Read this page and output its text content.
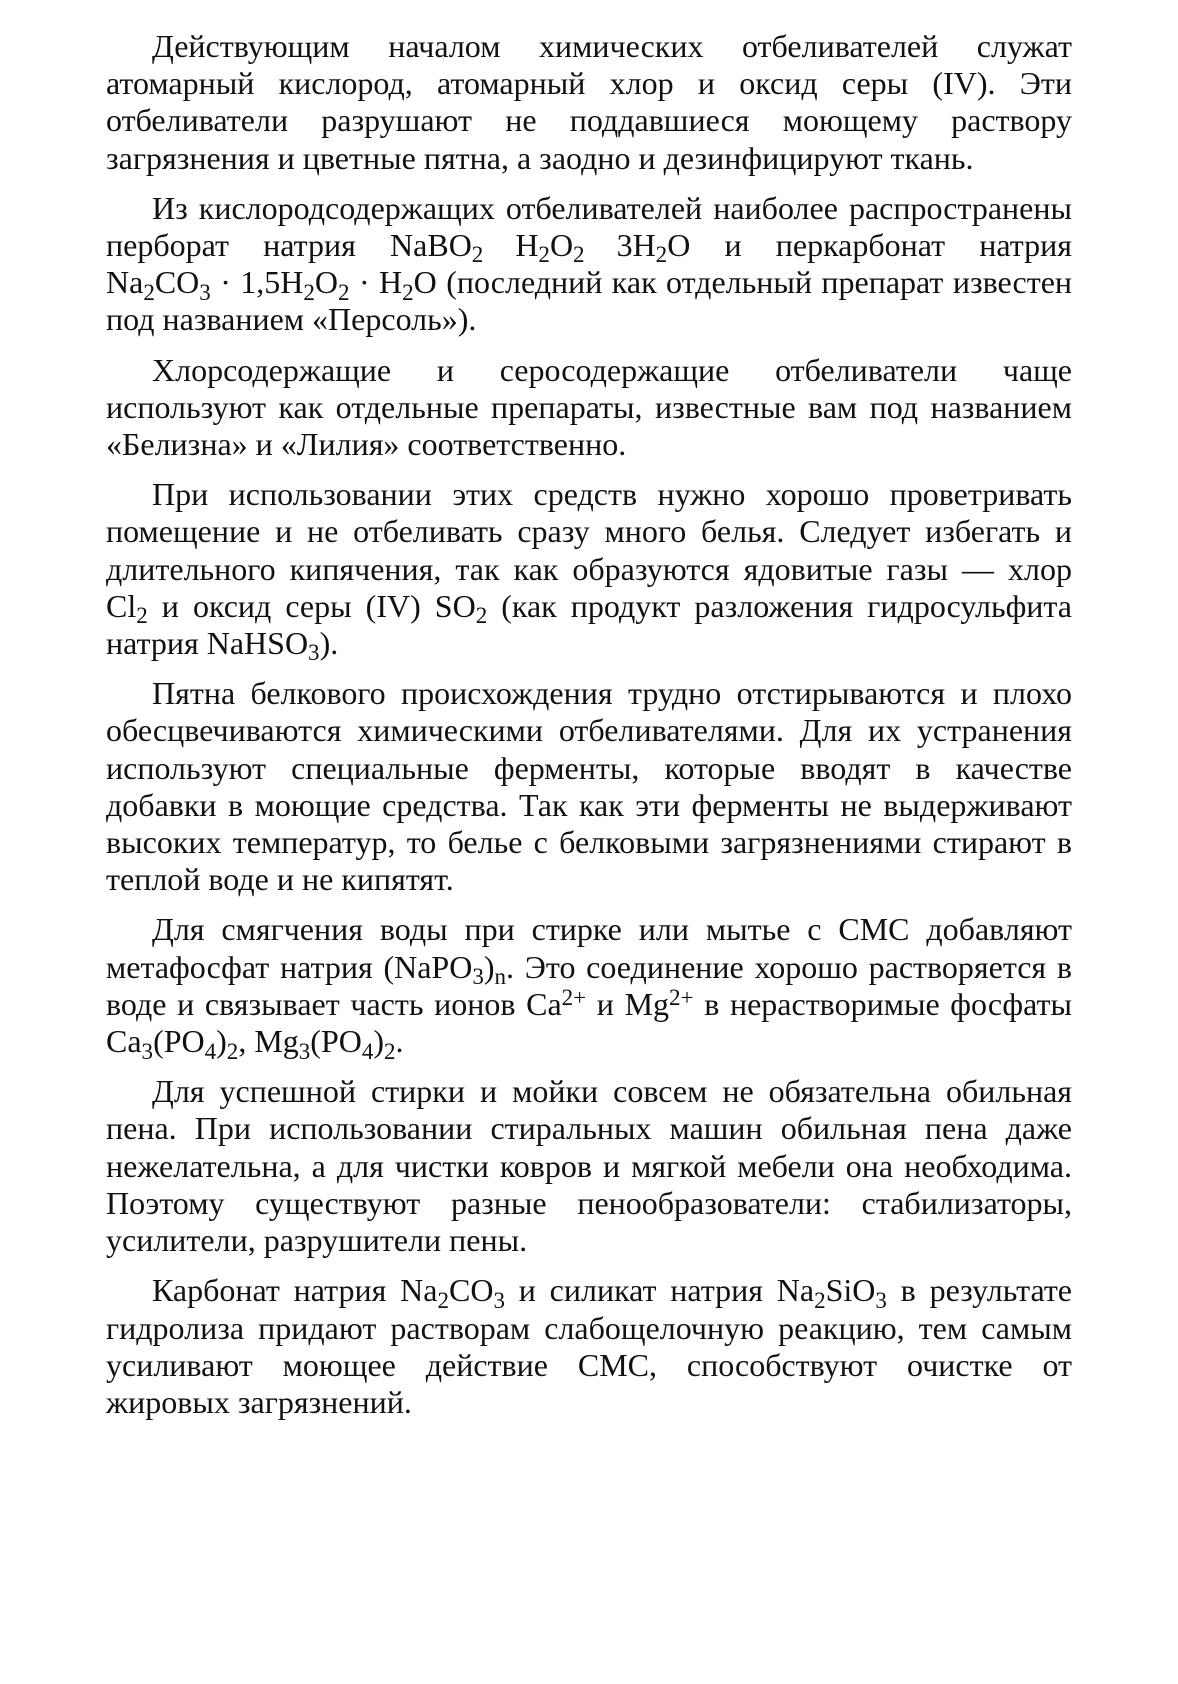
Действующим началом химических отбеливателей служат атомарный кислород, атомарный хлор и оксид серы (IV). Эти отбеливатели разрушают не поддавшиеся моющему раствору загрязнения и цветные пятна, а заодно и дезинфицируют ткань.

Из кислородсодержащих отбеливателей наиболее распространены перборат натрия NaBO$_2$  $H_2O_2$  $3H_2O$ и перкарбонат натрия $Na_2CO_3 \cdot 1,5H_2O_2 \cdot H_2O$ (последний как отдельный препарат известен под названием «Персоль»).

Хлорсодержащие и серосодержащие отбеливатели чаще используют как отдельные препараты, известные вам под названием «Белизна» и «Лилия» соответственно.

При использовании этих средств нужно хорошо проветривать помещение и не отбеливать сразу много белья. Следует избегать и длительного кипячения, так как образуются ядовитые газы — хлор $Cl_2$ и оксид серы (IV) $SO_2$ (как продукт разложения гидросульфита натрия NaHSO$_3$).

Пятна белкового происхождения трудно отстирываются и плохо обесцвечиваются химическими отбеливателями. Для их устранения используют специальные ферменты, которые вводят в качестве добавки в моющие средства. Так как эти ферменты не выдерживают высоких температур, то белье с белковыми загрязнениями стирают в теплой воде и не кипятят.

Для смягчения воды при стирке или мытье с СМС добавляют метафосфат натрия $(NaPO_3)_n$. Это соединение хорошо растворяется в воде и связывает часть ионов $Ca^{2+}$ и $Mg^{2+}$ в нерастворимые фосфаты $Ca_3(PO_4)_2$, $Mg_3(PO_4)_2$.

Для успешной стирки и мойки совсем не обязательна обильная пена. При использовании стиральных машин обильная пена даже нежелательна, а для чистки ковров и мягкой мебели она необходима. Поэтому существуют разные пенообразователи: стабилизаторы, усилители, разрушители пены.

Карбонат натрия $Na_2CO_3$ и силикат натрия $Na_2SiO_3$ в результате гидролиза придают растворам слабощелочную реакцию, тем самым усиливают моющее действие СМС, способствуют очистке от жировых загрязнений.
